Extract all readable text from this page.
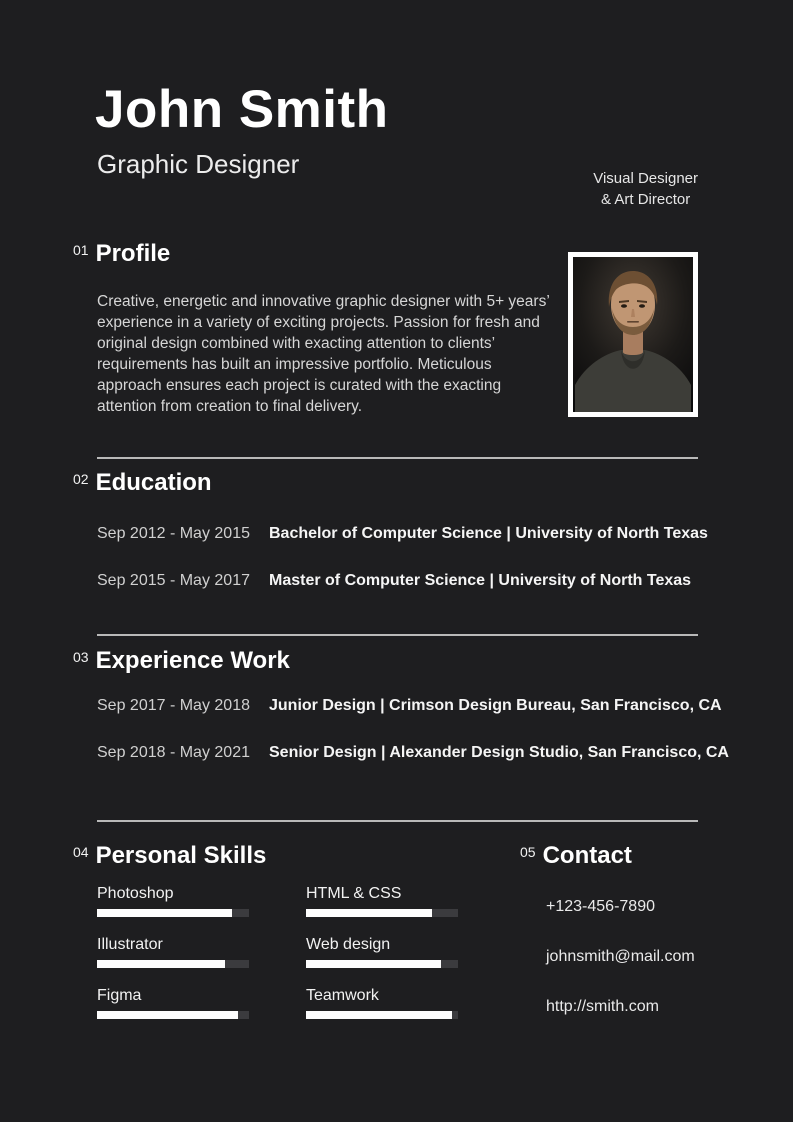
John Smith
Graphic Designer	Visual Designer
& Art Director
01 Profile
Creative, energetic and innovative graphic designer with 5+ years’ experience in a variety of exciting projects. Passion for fresh and original design combined with exacting attention to clients’ requirements has built an impressive portfolio. Meticulous approach ensures each project is curated with the exacting attention from creation to final delivery.
02 Education
Sep 2012 - May 2015	Bachelor of Computer Science | University of North Texas
Sep 2015 - May 2017	Master of Computer Science | University of North Texas
03 Experience Work
Sep 2017 - May 2018	Junior Design | Crimson Design Bureau, San Francisco, CA
Sep 2018 - May 2021	Senior Design | Alexander Design Studio, San Francisco, CA
04 Personal Skills
Photoshop
Illustrator
Figma
HTML & CSS
Web design
Teamwork
05 Contact
+123-456-7890
johnsmith@mail.com
http://smith.com
